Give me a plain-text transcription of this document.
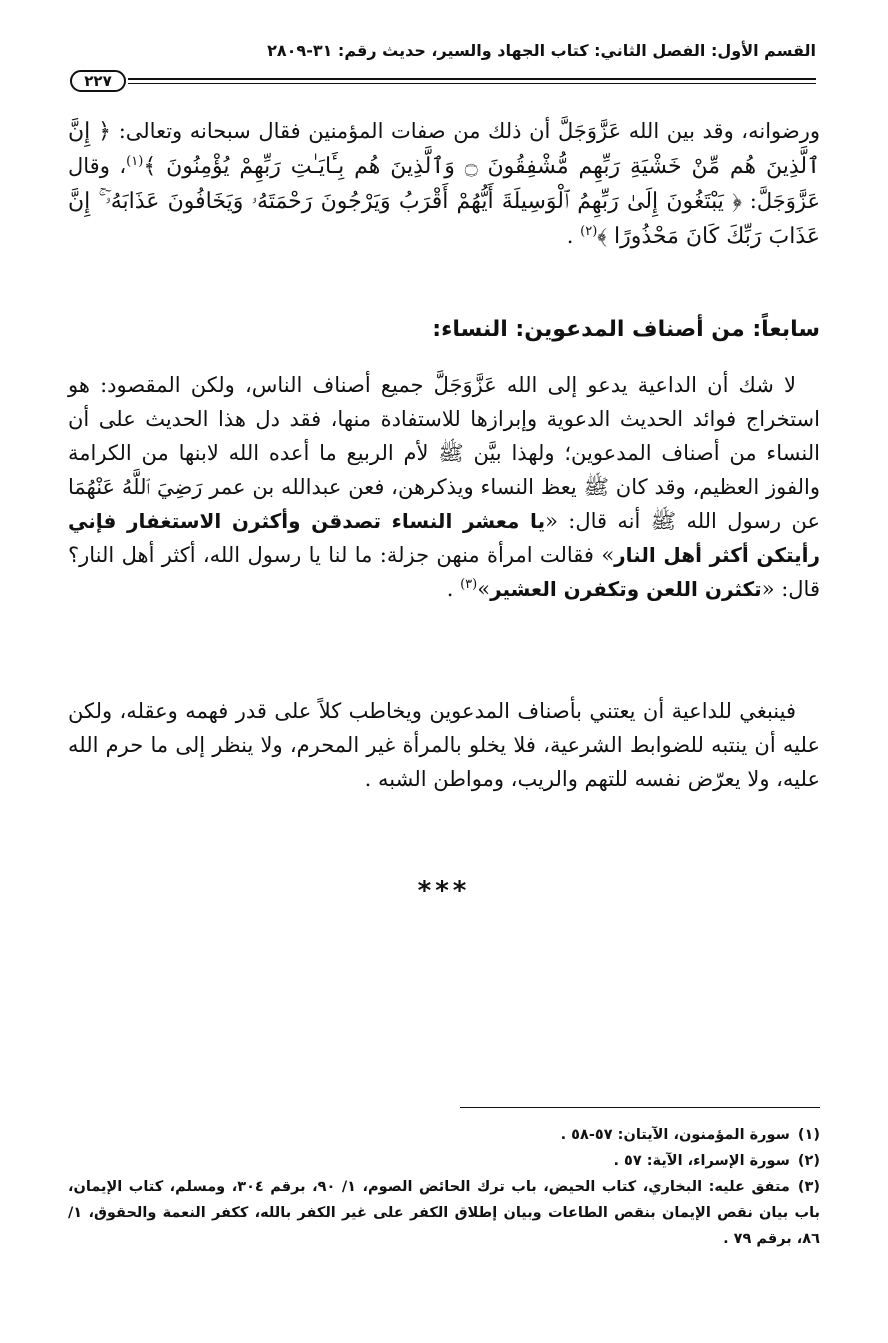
القسم الأول: الفصل الثاني: كتاب الجهاد والسير، حديث رقم: ٣١-٢٨٠٩
٢٢٧

ورضوانه، وقد بين الله عَزَّوَجَلَّ أن ذلك من صفات المؤمنين فقال سبحانه وتعالى: ﴿ إِنَّ ٱلَّذِينَ هُم مِّنْ خَشْيَةِ رَبِّهِم مُّشْفِقُونَ ۝ وَٱلَّذِينَ هُم بِـَٔايَـٰتِ رَبِّهِمْ يُؤْمِنُونَ ﴾$^{(١)}$، وقال عَزَّوَجَلَّ: ﴿ يَبْتَغُونَ إِلَىٰ رَبِّهِمُ ٱلْوَسِيلَةَ أَيُّهُمْ أَقْرَبُ وَيَرْجُونَ رَحْمَتَهُۥ وَيَخَافُونَ عَذَابَهُۥٓ ۚ إِنَّ عَذَابَ رَبِّكَ كَانَ مَحْذُورًا ﴾$^{(٢)}$ .

سابعاً: من أصناف المدعوين: النساء:

لا شك أن الداعية يدعو إلى الله عَزَّوَجَلَّ جميع أصناف الناس، ولكن المقصود: هو استخراج فوائد الحديث الدعوية وإبرازها للاستفادة منها، فقد دل هذا الحديث على أن النساء من أصناف المدعوين؛ ولهذا بيَّن ﷺ لأم الربيع ما أعده الله لابنها من الكرامة والفوز العظيم، وقد كان ﷺ يعظ النساء ويذكرهن، فعن عبدالله بن عمر رَضِيَ ٱللَّهُ عَنْهُمَا عن رسول الله ﷺ أنه قال: «يا معشر النساء تصدقن وأكثرن الاستغفار فإني رأيتكن أكثر أهل النار» فقالت امرأة منهن جزلة: ما لنا يا رسول الله، أكثر أهل النار؟ قال: «تكثرن اللعن وتكفرن العشير»$^{(٣)}$ .

فينبغي للداعية أن يعتني بأصناف المدعوين ويخاطب كلاً على قدر فهمه وعقله، ولكن عليه أن ينتبه للضوابط الشرعية، فلا يخلو بالمرأة غير المحرم، ولا ينظر إلى ما حرم الله عليه، ولا يعرّض نفسه للتهم والريب، ومواطن الشبه .

***

(١)سورة المؤمنون، الآيتان: ٥٧-٥٨ .

(٢)سورة الإسراء، الآية: ٥٧ .

(٣)متفق عليه: البخاري، كتاب الحيض، باب ترك الحائض الصوم، ١/ ٩٠، برقم ٣٠٤، ومسلم، كتاب الإيمان، باب بيان نقص الإيمان بنقص الطاعات وبيان إطلاق الكفر على غير الكفر بالله، ككفر النعمة والحقوق، ١/ ٨٦، برقم ٧٩ .
